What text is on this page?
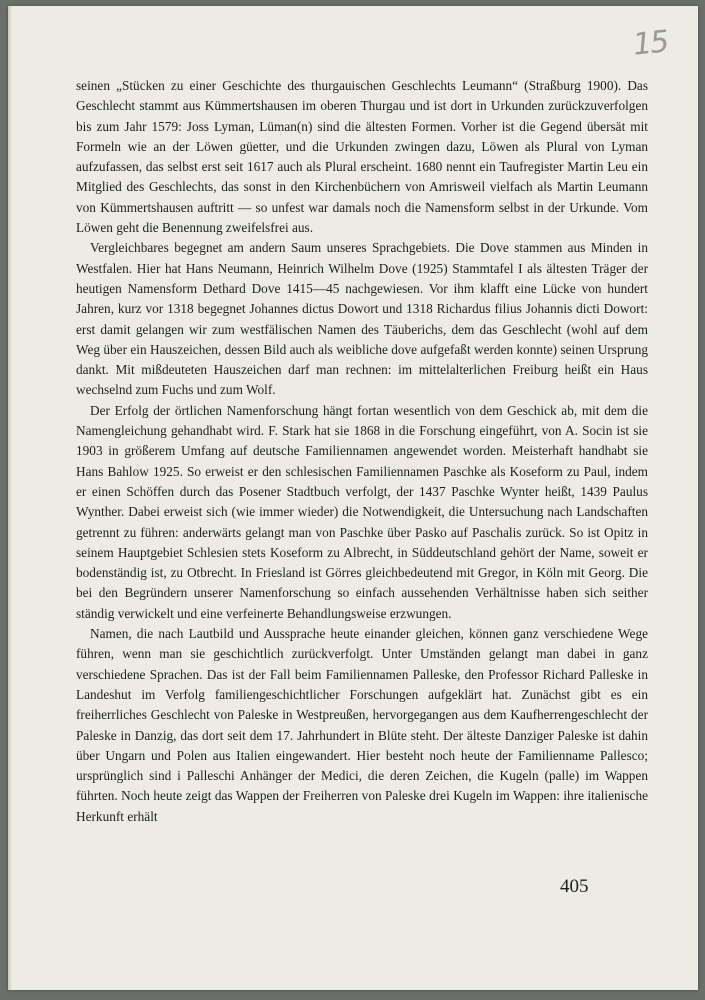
15

seinen „Stücken zu einer Geschichte des thurgauischen Geschlechts Leumann“ (Straßburg 1900). Das Geschlecht stammt aus Kümmertshausen im oberen Thurgau und ist dort in Urkunden zurückzuverfolgen bis zum Jahr 1579: Joss Lyman, Lüman(n) sind die ältesten Formen. Vorher ist die Gegend übersät mit Formeln wie an der Löwen güetter, und die Urkunden zwingen dazu, Löwen als Plural von Lyman aufzufassen, das selbst erst seit 1617 auch als Plural erscheint. 1680 nennt ein Taufregister Martin Leu ein Mitglied des Geschlechts, das sonst in den Kirchenbüchern von Amrisweil vielfach als Martin Leumann von Kümmertshausen auftritt — so unfest war damals noch die Namensform selbst in der Urkunde. Vom Löwen geht die Benennung zweifelsfrei aus.

Vergleichbares begegnet am andern Saum unseres Sprachgebiets. Die Dove stammen aus Minden in Westfalen. Hier hat Hans Neumann, Heinrich Wilhelm Dove (1925) Stammtafel I als ältesten Träger der heutigen Namensform Dethard Dove 1415—45 nachgewiesen. Vor ihm klafft eine Lücke von hundert Jahren, kurz vor 1318 begegnet Johannes dictus Dowort und 1318 Richardus filius Johannis dicti Dowort: erst damit gelangen wir zum westfälischen Namen des Täuberichs, dem das Geschlecht (wohl auf dem Weg über ein Hauszeichen, dessen Bild auch als weibliche dove aufgefaßt werden konnte) seinen Ursprung dankt. Mit mißdeuteten Hauszeichen darf man rechnen: im mittelalterlichen Freiburg heißt ein Haus wechselnd zum Fuchs und zum Wolf.

Der Erfolg der örtlichen Namenforschung hängt fortan wesentlich von dem Geschick ab, mit dem die Namengleichung gehandhabt wird. F. Stark hat sie 1868 in die Forschung eingeführt, von A. Socin ist sie 1903 in größerem Umfang auf deutsche Familiennamen angewendet worden. Meisterhaft handhabt sie Hans Bahlow 1925. So erweist er den schlesischen Familiennamen Paschke als Koseform zu Paul, indem er einen Schöffen durch das Posener Stadtbuch verfolgt, der 1437 Paschke Wynter heißt, 1439 Paulus Wynther. Dabei erweist sich (wie immer wieder) die Notwendigkeit, die Untersuchung nach Landschaften getrennt zu führen: anderwärts gelangt man von Paschke über Pasko auf Paschalis zurück. So ist Opitz in seinem Hauptgebiet Schlesien stets Koseform zu Albrecht, in Süddeutschland gehört der Name, soweit er bodenständig ist, zu Otbrecht. In Friesland ist Görres gleichbedeutend mit Gregor, in Köln mit Georg. Die bei den Begründern unserer Namenforschung so einfach aussehenden Verhältnisse haben sich seither ständig verwickelt und eine verfeinerte Behandlungsweise erzwungen.

Namen, die nach Lautbild und Aussprache heute einander gleichen, können ganz verschiedene Wege führen, wenn man sie geschichtlich zurückverfolgt. Unter Umständen gelangt man dabei in ganz verschiedene Sprachen. Das ist der Fall beim Familiennamen Palleske, den Professor Richard Palleske in Landeshut im Verfolg familiengeschichtlicher Forschungen aufgeklärt hat. Zunächst gibt es ein freiherrliches Geschlecht von Paleske in Westpreußen, hervorgegangen aus dem Kaufherrengeschlecht der Paleske in Danzig, das dort seit dem 17. Jahrhundert in Blüte steht. Der älteste Danziger Paleske ist dahin über Ungarn und Polen aus Italien eingewandert. Hier besteht noch heute der Familienname Pallesco; ursprünglich sind i Palleschi Anhänger der Medici, die deren Zeichen, die Kugeln (palle) im Wappen führten. Noch heute zeigt das Wappen der Freiherren von Paleske drei Kugeln im Wappen: ihre italienische Herkunft erhält

405
